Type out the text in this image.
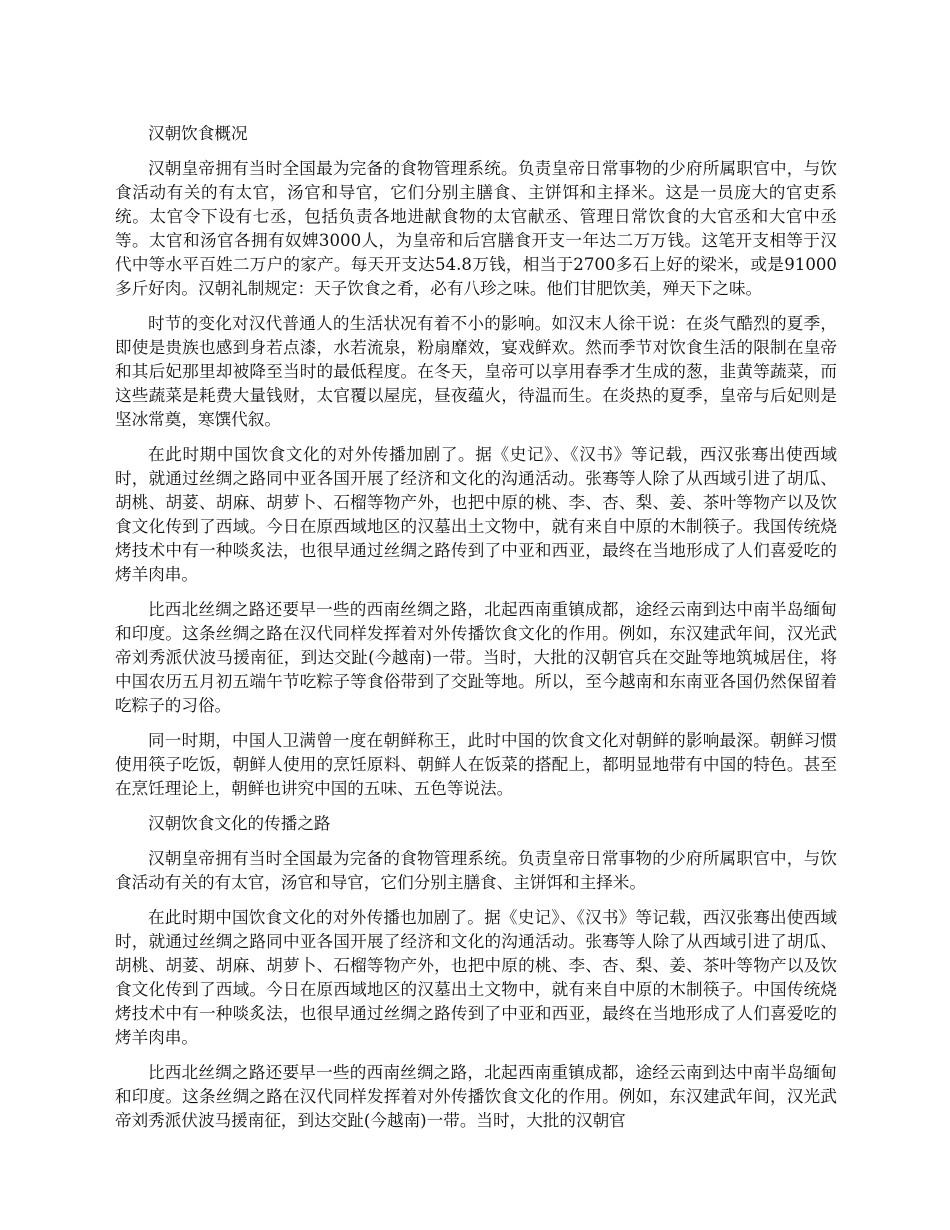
汉朝饮食概况

汉朝皇帝拥有当时全国最为完备的食物管理系统。负责皇帝日常事物的少府所属职官中，与饮食活动有关的有太官，汤官和导官，它们分别主膳食、主饼饵和主择米。这是一员庞大的官吏系统。太官令下设有七丞，包括负责各地进献食物的太官献丞、管理日常饮食的大官丞和大官中丞等。太官和汤官各拥有奴婢3000人，为皇帝和后宫膳食开支一年达二万万钱。这笔开支相等于汉代中等水平百姓二万户的家产。每天开支达54.8万钱，相当于2700多石上好的梁米，或是91000多斤好肉。汉朝礼制规定：天子饮食之肴，必有八珍之味。他们甘肥饮美，殚天下之味。

时节的变化对汉代普通人的生活状况有着不小的影响。如汉末人徐干说：在炎气酷烈的夏季，即使是贵族也感到身若点漆，水若流泉，粉扇靡效，宴戏鲜欢。然而季节对饮食生活的限制在皇帝和其后妃那里却被降至当时的最低程度。在冬天，皇帝可以享用春季才生成的葱，韭黄等蔬菜，而这些蔬菜是耗费大量钱财，太官覆以屋庑，昼夜蕴火，待温而生。在炎热的夏季，皇帝与后妃则是坚冰常奠，寒馔代叙。

在此时期中国饮食文化的对外传播加剧了。据《史记》、《汉书》等记载，西汉张骞出使西域时，就通过丝绸之路同中亚各国开展了经济和文化的沟通活动。张骞等人除了从西域引进了胡瓜、胡桃、胡荽、胡麻、胡萝卜、石榴等物产外，也把中原的桃、李、杏、梨、姜、茶叶等物产以及饮食文化传到了西域。今日在原西域地区的汉墓出土文物中，就有来自中原的木制筷子。我国传统烧烤技术中有一种啖炙法，也很早通过丝绸之路传到了中亚和西亚，最终在当地形成了人们喜爱吃的烤羊肉串。

比西北丝绸之路还要早一些的西南丝绸之路，北起西南重镇成都，途经云南到达中南半岛缅甸和印度。这条丝绸之路在汉代同样发挥着对外传播饮食文化的作用。例如，东汉建武年间，汉光武帝刘秀派伏波马援南征，到达交趾(今越南)一带。当时，大批的汉朝官兵在交趾等地筑城居住，将中国农历五月初五端午节吃粽子等食俗带到了交趾等地。所以，至今越南和东南亚各国仍然保留着吃粽子的习俗。

同一时期，中国人卫满曾一度在朝鲜称王，此时中国的饮食文化对朝鲜的影响最深。朝鲜习惯使用筷子吃饭，朝鲜人使用的烹饪原料、朝鲜人在饭菜的搭配上，都明显地带有中国的特色。甚至在烹饪理论上，朝鲜也讲究中国的五味、五色等说法。

汉朝饮食文化的传播之路

汉朝皇帝拥有当时全国最为完备的食物管理系统。负责皇帝日常事物的少府所属职官中，与饮食活动有关的有太官，汤官和导官，它们分别主膳食、主饼饵和主择米。

在此时期中国饮食文化的对外传播也加剧了。据《史记》、《汉书》等记载，西汉张骞出使西域时，就通过丝绸之路同中亚各国开展了经济和文化的沟通活动。张骞等人除了从西域引进了胡瓜、胡桃、胡荽、胡麻、胡萝卜、石榴等物产外，也把中原的桃、李、杏、梨、姜、茶叶等物产以及饮食文化传到了西域。今日在原西域地区的汉墓出土文物中，就有来自中原的木制筷子。中国传统烧烤技术中有一种啖炙法，也很早通过丝绸之路传到了中亚和西亚，最终在当地形成了人们喜爱吃的烤羊肉串。

比西北丝绸之路还要早一些的西南丝绸之路，北起西南重镇成都，途经云南到达中南半岛缅甸和印度。这条丝绸之路在汉代同样发挥着对外传播饮食文化的作用。例如，东汉建武年间，汉光武帝刘秀派伏波马援南征，到达交趾(今越南)一带。当时，大批的汉朝官
